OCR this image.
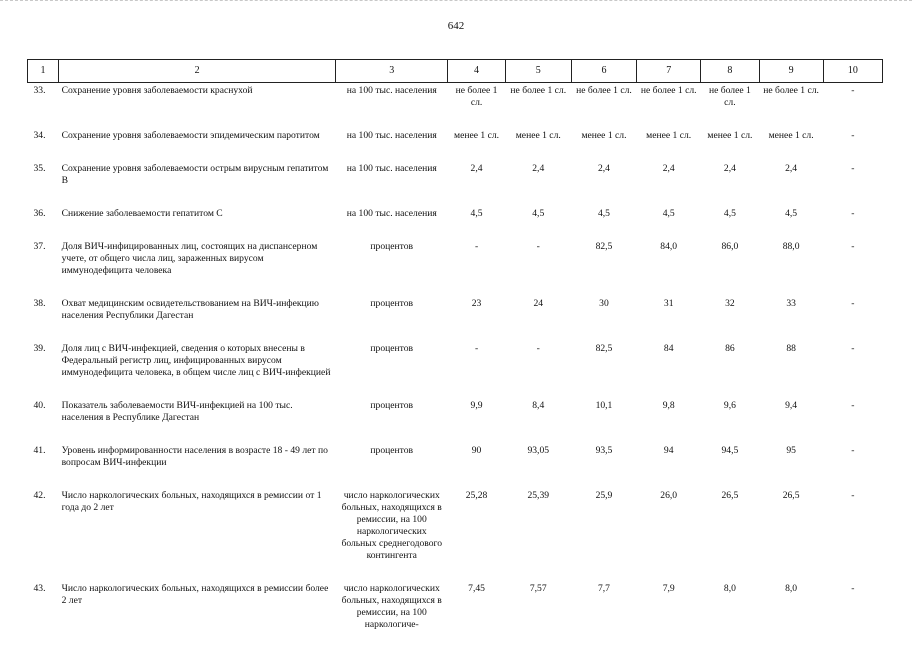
642
1	2	3	4	5	6	7	8	9	10
33.	Сохранение уровня заболеваемости краснухой	на 100 тыс. населения	не более 1 сл.	не более 1 сл.	не более 1 сл.	не более 1 сл.	не более 1 сл.	не более 1 сл.	-
34.	Сохранение уровня заболеваемости эпидемическим паротитом	на 100 тыс. населения	менее 1 сл.	менее 1 сл.	менее 1 сл.	менее 1 сл.	менее 1 сл.	менее 1 сл.	-
35.	Сохранение уровня заболеваемости острым вирусным гепатитом В	на 100 тыс. населения	2,4	2,4	2,4	2,4	2,4	2,4	-
36.	Снижение заболеваемости гепатитом С	на 100 тыс. населения	4,5	4,5	4,5	4,5	4,5	4,5	-
37.	Доля ВИЧ-инфицированных лиц, состоящих на диспансерном учете, от общего числа лиц, зараженных вирусом иммунодефицита человека	процентов	-	-	82,5	84,0	86,0	88,0	-
38.	Охват медицинским освидетельствованием на ВИЧ-инфекцию населения Республики Дагестан	процентов	23	24	30	31	32	33	-
39.	Доля лиц с ВИЧ-инфекцией, сведения о которых внесены в Федеральный регистр лиц, инфицированных вирусом иммунодефицита человека, в общем числе лиц с ВИЧ-инфекцией	процентов	-	-	82,5	84	86	88	-
40.	Показатель заболеваемости ВИЧ-инфекцией на 100 тыс. населения в Республике Дагестан	процентов	9,9	8,4	10,1	9,8	9,6	9,4	-
41.	Уровень информированности населения в возрасте 18 - 49 лет по вопросам ВИЧ-инфекции	процентов	90	93,05	93,5	94	94,5	95	-
42.	Число наркологических больных, находящихся в ремиссии от 1 года до 2 лет	число наркологических больных, находящихся в ремиссии, на 100 наркологических больных среднегодового контингента	25,28	25,39	25,9	26,0	26,5	26,5	-
43.	Число наркологических больных, находящихся в ремиссии более 2 лет	число наркологических больных, находящихся в ремиссии, на 100 наркологиче-	7,45	7,57	7,7	7,9	8,0	8,0	-
